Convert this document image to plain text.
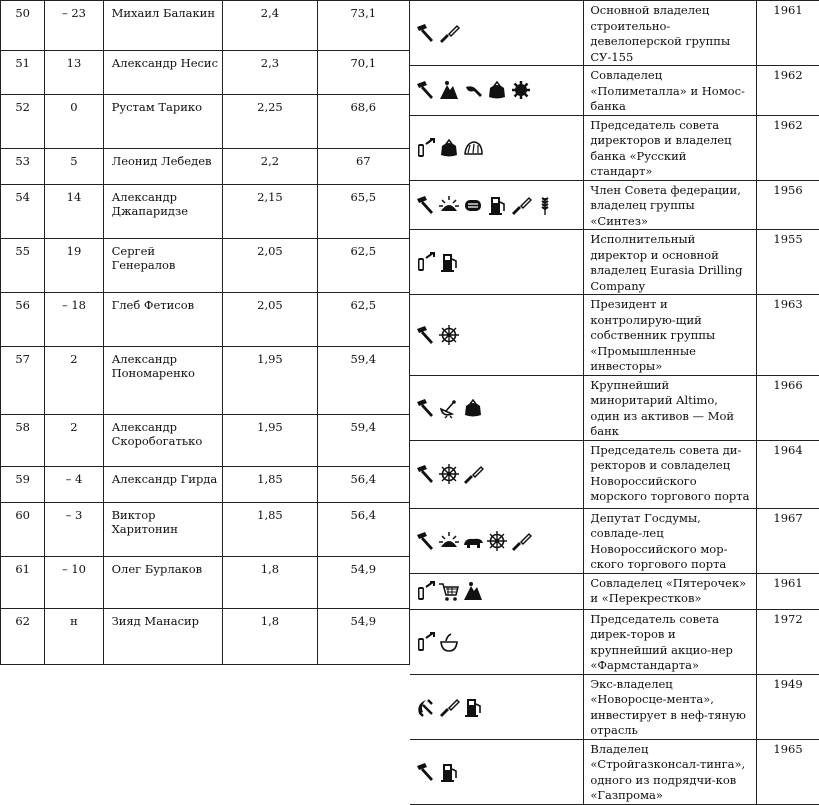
50	– 23	Михаил Балакин	2,4	73,1
51	13	Александр Несис	2,3	70,1
52	0	Рустам Тарико	2,25	68,6
53	5	Леонид Лебедев	2,2	67
54	14	Александр Джапаридзе	2,15	65,5
55	19	Сергей Генералов	2,05	62,5
56	– 18	Глеб Фетисов	2,05	62,5
57	2	Александр Пономаренко	1,95	59,4
58	2	Александр Скоробогатько	1,95	59,4
59	– 4	Александр Гирда	1,85	56,4
60	– 3	Виктор Харитонин	1,85	56,4
61	– 10	Олег Бурлаков	1,8	54,9
62	н	Зияд Манасир	1,8	54,9
	Основной владелец строительно-девелоперской группы СУ-155	1961

	Совладелец «Полиметалла» и Номос-банка	1962

	Председатель совета директоров и владелец банка «Русский стандарт»	1962

	Член Совета федерации, владелец группы «Синтез»	1956

	Исполнительный директор и основной владелец Eurasia Drilling Company	1955

	Президент и контролирую-щий собственник группы «Промышленные инвесторы»	1963

	Крупнейший миноритарий Altimo, один из активов — Мой банк	1966

	Председатель совета ди-ректоров и совладелец Новороссийского морского торгового порта	1964

	Депутат Госдумы, совладе-лец Новороссийского мор-ского торгового порта	1967

	Совладелец «Пятерочек» и «Перекрестков»	1961

	Председатель совета дирек-торов и крупнейший акцио-нер «Фармстандарта»	1972

	Экс-владелец «Новоросце-мента», инвестирует в неф-тяную отрасль	1949

	Владелец «Стройгазконсал-тинга», одного из подрядчи-ков «Газпрома»	1965
